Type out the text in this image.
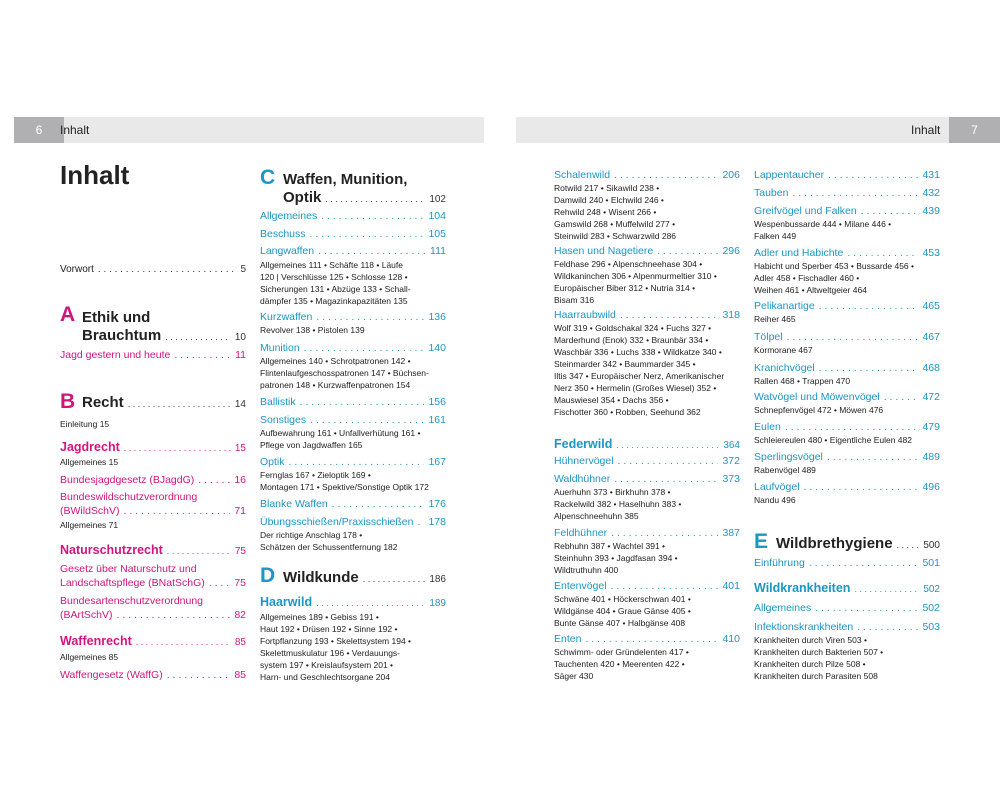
6	Inhalt	Inhalt	7
Inhalt
Vorwort . . .	5
A Ethik und
Brauchtum . . .	10
Jagd gestern und heute . . .	11
B Recht . . .	14
Einleitung 15
Jagdrecht . . .	15
Allgemeines 15
Bundesjagdgesetz (BJagdG) . . .	16
Bundeswildschutzverordnung
(BWildSchV) . . .	71
Allgemeines 71
Naturschutzrecht . . .	75
Gesetz über Naturschutz und
Landschaftspflege (BNatSchG) . . .	75
Bundesartenschutzverordnung
(BArtSchV) . . .	82
Waffenrecht . . .	85
Allgemeines 85
Waffengesetz (WaffG) . . .	85
C Waffen, Munition,
Optik . . .	102
Allgemeines . . .	104
Beschuss . . .	105
Langwaffen . . .	111
Allgemeines 111 • Schäfte 118 • Läufe
120 | Verschlüsse 125 • Schlosse 128 •
Sicherungen 131 • Abzüge 133 • Schall-
dämpfer 135 • Magazinkapazitäten 135
Kurzwaffen . . .	136
Revolver 138 • Pistolen 139
Munition . . .	140
Allgemeines 140 • Schrotpatronen 142 •
Flintenlaufgeschosspatronen 147 • Büchsen-
patronen 148 • Kurzwaffenpatronen 154
Ballistik . . .	156
Sonstiges . . .	161
Aufbewahrung 161 • Unfallverhütung 161 •
Pflege von Jagdwaffen 165
Optik . . .	167
Fernglas 167 • Zieloptik 169 •
Montagen 171 • Spektive/Sonstige Optik 172
Blanke Waffen . . .	176
Übungsschießen/Praxisschießen . . . 178
Der richtige Anschlag 178 •
Schätzen der Schussentfernung 182
D Wildkunde . . .	186
Haarwild . . .	189
Allgemeines 189 • Gebiss 191 •
Haut 192 • Drüsen 192 • Sinne 192 •
Fortpflanzung 193 • Skelettsystem 194 •
Skelettmuskulatur 196 • Verdauungs-
system 197 • Kreislaufsystem 201 •
Harn- und Geschlechtsorgane 204
Schalenwild . . .	206
Rotwild 217 • Sikawild 238 •
Damwild 240 • Elchwild 246 •
Rehwild 248 • Wisent 266 •
Gamswild 268 • Muffelwild 277 •
Steinwild 283 • Schwarzwild 286
Hasen und Nagetiere . . .	296
Feldhase 296 • Alpenschneehase 304 •
Wildkaninchen 306 • Alpenmurmeltier 310 •
Europäischer Biber 312 • Nutria 314 •
Bisam 316
Haarraubwild . . .	318
Wolf 319 • Goldschakal 324 • Fuchs 327 •
Marderhund (Enok) 332 • Braunbär 334 •
Waschbär 336 • Luchs 338 • Wildkatze 340 •
Steinmarder 342 • Baummarder 345 •
Iltis 347 • Europäischer Nerz, Amerikanischer
Nerz 350 • Hermelin (Großes Wiesel) 352 •
Mauswiesel 354 • Dachs 356 •
Fischotter 360 • Robben, Seehund 362
Federwild . . .	364
Hühnervögel . . .	372
Waldhühner . . .	373
Auerhuhn 373 • Birkhuhn 378 •
Rackelwild 382 • Haselhuhn 383 •
Alpenschneehuhn 385
Feldhühner . . .	387
Rebhuhn 387 • Wachtel 391 •
Steinhuhn 393 • Jagdfasan 394 •
Wildtruthuhn 400
Entenvögel . . .	401
Schwäne 401 • Höckerschwan 401 •
Wildgänse 404 • Graue Gänse 405 •
Bunte Gänse 407 • Halbgänse 408
Enten . . .	410
Schwimm- oder Gründelenten 417 •
Tauchenten 420 • Meerenten 422 •
Säger 430
Lappentaucher . . .	431
Tauben . . .	432
Greifvögel und Falken . . .	439
Wespenbussarde 444 • Milane 446 •
Falken 449
Adler und Habichte . . .	453
Habicht und Sperber 453 • Bussarde 456 •
Adler 458 • Fischadler 460 •
Weihen 461 • Altweltgeier 464
Pelikanartige . . .	465
Reiher 465
Tölpel . . .	467
Kormorane 467
Kranichvögel . . .	468
Rallen 468 • Trappen 470
Watvögel und Möwenvögel . . .	472
Schnepfenvögel 472 • Möwen 476
Eulen . . .	479
Schleiereulen 480 • Eigentliche Eulen 482
Sperlingsvögel . . .	489
Rabenvögel 489
Laufvögel . . .	496
Nandu 496
E Wildbrethygiene . . .	500
Einführung . . .	501
Wildkrankheiten . . .	502
Allgemeines . . .	502
Infektionskrankheiten . . .	503
Krankheiten durch Viren 503 •
Krankheiten durch Bakterien 507 •
Krankheiten durch Pilze 508 •
Krankheiten durch Parasiten 508
